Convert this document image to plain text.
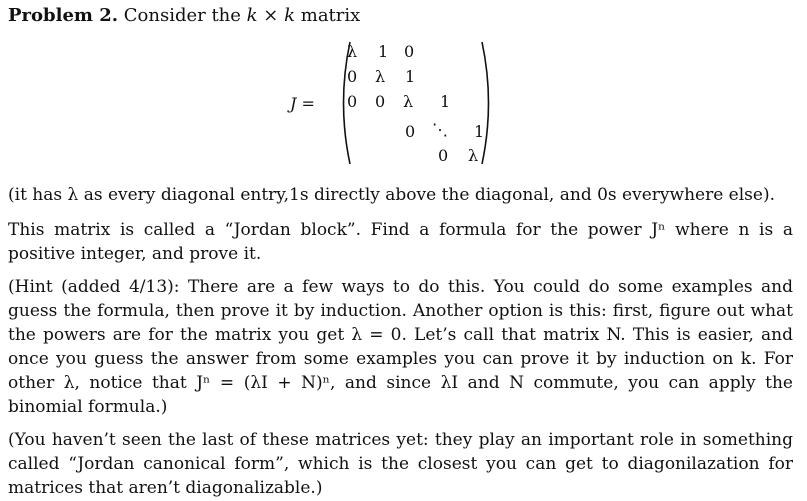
Problem 2. Consider the k × k matrix
J =
λ 1 0
0 λ 1
0 0 λ 1
0 ⋱ 1
0 λ

(it has λ as every diagonal entry,1s directly above the diagonal, and 0s everywhere else).

This matrix is called a “Jordan block”. Find a formula for the power Jⁿ where n is a positive integer, and prove it.

(Hint (added 4/13): There are a few ways to do this. You could do some examples and guess the formula, then prove it by induction. Another option is this: first, figure out what the powers are for the matrix you get λ = 0. Let’s call that matrix N. This is easier, and once you guess the answer from some examples you can prove it by induction on k. For other λ, notice that Jⁿ = (λI + N)ⁿ, and since λI and N commute, you can apply the binomial formula.)

(You haven’t seen the last of these matrices yet: they play an important role in something called “Jordan canonical form”, which is the closest you can get to diagonilazation for matrices that aren’t diagonalizable.)
